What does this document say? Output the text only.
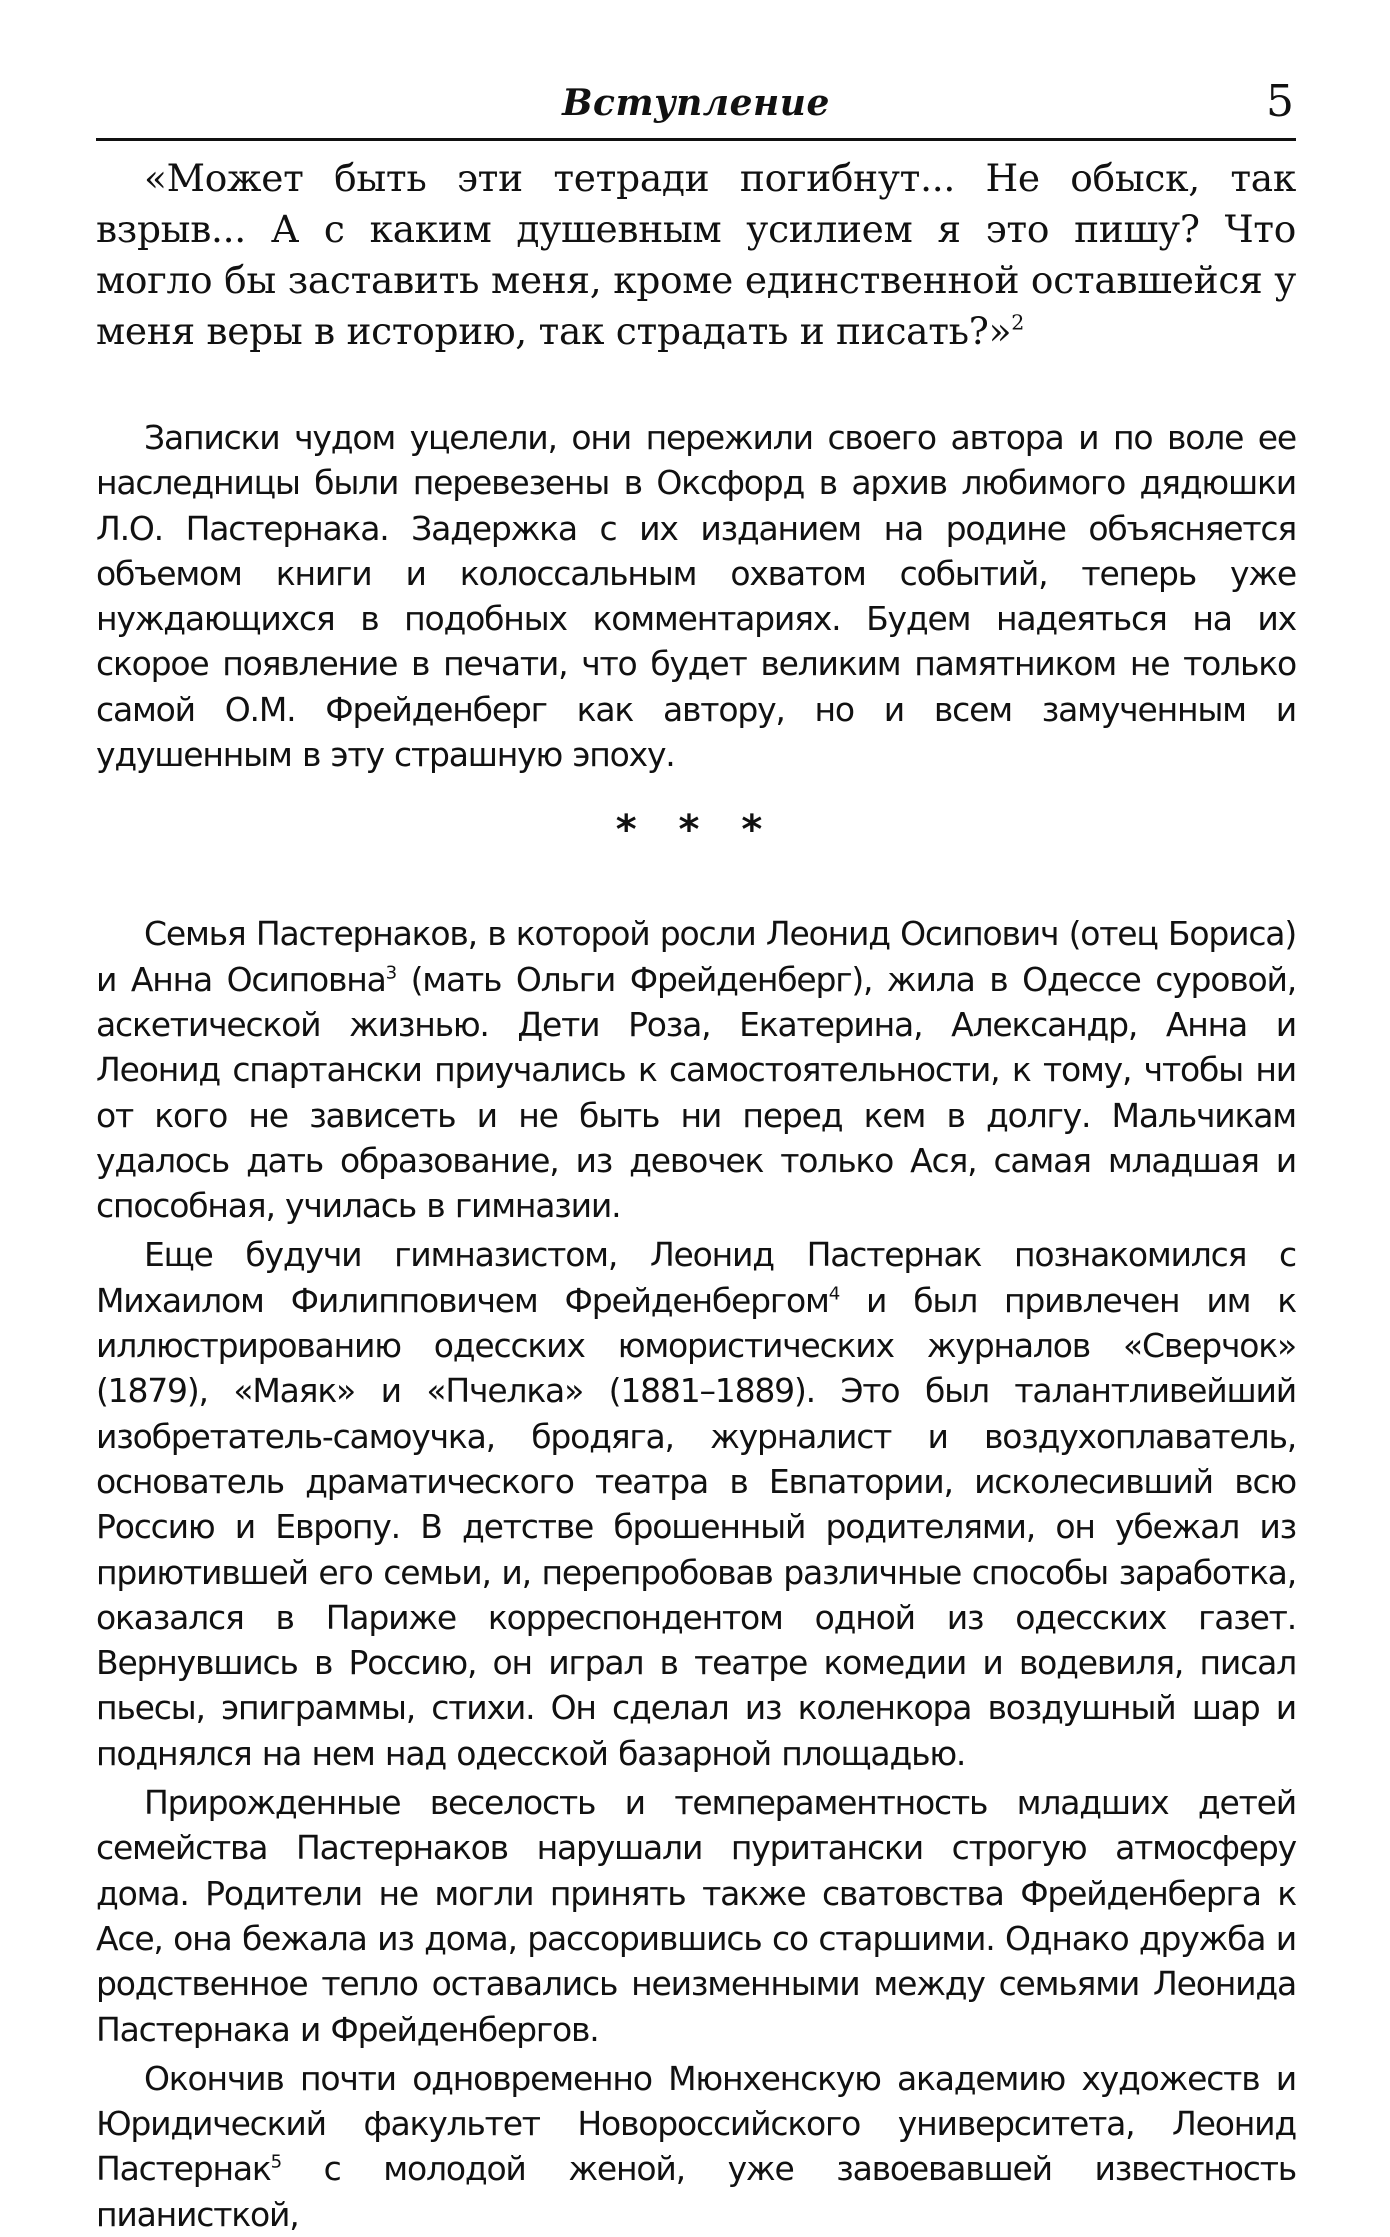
Вступление	5

«Может быть эти тетради погибнут... Не обыск, так взрыв... А с каким душевным усилием я это пишу? Что могло бы заставить меня, кроме единственной оставшейся у меня веры в историю, так страдать и писать?»$^2$

Записки чудом уцелели, они пережили своего автора и по воле ее наследницы были перевезены в Оксфорд в архив любимого дядюшки Л.О. Пастернака. Задержка с их изданием на родине объясняется объемом книги и колоссальным охватом событий, теперь уже нуждающихся в подобных комментариях. Будем надеяться на их скорое появление в печати, что будет великим памятником не только самой О.М. Фрейденберг как автору, но и всем замученным и удушенным в эту страшную эпоху.

* * *

Семья Пастернаков, в которой росли Леонид Осипович (отец Бориса) и Анна Осиповна$^3$ (мать Ольги Фрейденберг), жила в Одессе суровой, аскетической жизнью. Дети Роза, Екатерина, Александр, Анна и Леонид спартански приучались к самостоятельности, к тому, чтобы ни от кого не зависеть и не быть ни перед кем в долгу. Мальчикам удалось дать образование, из девочек только Ася, самая младшая и способная, училась в гимназии.

Еще будучи гимназистом, Леонид Пастернак познакомился с Михаилом Филипповичем Фрейденбергом$^4$ и был привлечен им к иллюстрированию одесских юмористических журналов «Сверчок» (1879), «Маяк» и «Пчелка» (1881–1889). Это был талантливейший изобретатель-самоучка, бродяга, журналист и воздухоплаватель, основатель драматического театра в Евпатории, исколесивший всю Россию и Европу. В детстве брошенный родителями, он убежал из приютившей его семьи, и, перепробовав различные способы заработка, оказался в Париже корреспондентом одной из одесских газет. Вернувшись в Россию, он играл в театре комедии и водевиля, писал пьесы, эпиграммы, стихи. Он сделал из коленкора воздушный шар и поднялся на нем над одесской базарной площадью.

Прирожденные веселость и темпераментность младших детей семейства Пастернаков нарушали пуритански строгую атмосферу дома. Родители не могли принять также сватовства Фрейденберга к Асе, она бежала из дома, рассорившись со старшими. Однако дружба и родственное тепло оставались неизменными между семьями Леонида Пастернака и Фрейденбергов.

Окончив почти одновременно Мюнхенскую академию художеств и Юридический факультет Новороссийского университета, Леонид Пастернак$^5$ с молодой женой, уже завоевавшей известность пианисткой,
